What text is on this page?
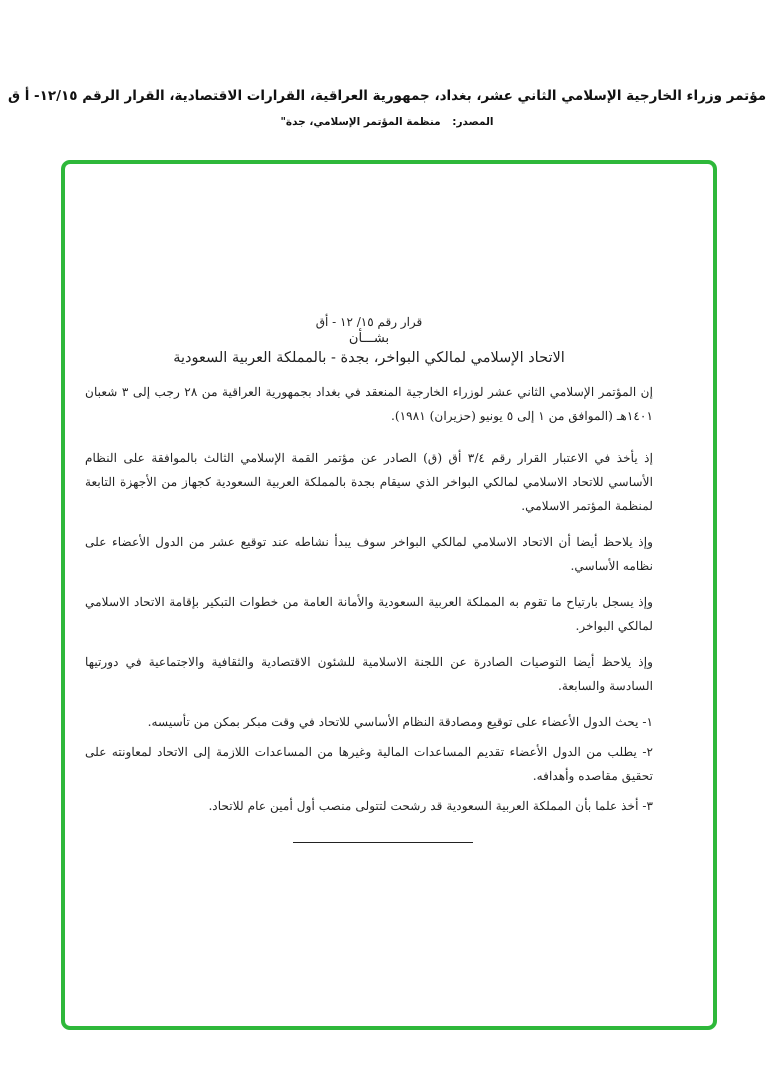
مؤتمر وزراء الخارجية الإسلامي الثاني عشر، بغداد، جمهورية العراقية، القرارات الاقتصادية، القرار الرقم ١٢/١٥- أ ق
المصدر: منظمة المؤتمر الإسلامي، جدة"
قرار رقم ١٥/ ١٢ - أق
بشـــأن
الاتحاد الإسلامي لمالكي البواخر، بجدة - بالمملكة العربية السعودية

إن المؤتمر الإسلامي الثاني عشر لوزراء الخارجية المنعقد في بغداد بجمهورية العراقية من ٢٨ رجب إلى ٣ شعبان ١٤٠١هـ (الموافق من ١ إلى ٥ يونيو (حزيران) ١٩٨١).

إذ يأخذ في الاعتبار القرار رقم ٣/٤ أق (ق) الصادر عن مؤتمر القمة الإسلامي الثالث بالموافقة على النظام الأساسي للاتحاد الاسلامي لمالكي البواخر الذي سيقام بجدة بالمملكة العربية السعودية كجهاز من الأجهزة التابعة لمنظمة المؤتمر الاسلامي.

وإذ يلاحظ أيضا أن الاتحاد الاسلامي لمالكي البواخر سوف يبدأ نشاطه عند توقيع عشر من الدول الأعضاء على نظامه الأساسي.

وإذ يسجل بارتياح ما تقوم به المملكة العربية السعودية والأمانة العامة من خطوات التبكير بإقامة الاتحاد الاسلامي لمالكي البواخر.

وإذ يلاحظ أيضا التوصيات الصادرة عن اللجنة الاسلامية للشئون الاقتصادية والثقافية والاجتماعية في دورتيها السادسة والسابعة.

١- يحث الدول الأعضاء على توقيع ومصادقة النظام الأساسي للاتحاد في وقت مبكر بمكن من تأسيسه.

٢- يطلب من الدول الأعضاء تقديم المساعدات المالية وغيرها من المساعدات اللازمة إلى الاتحاد لمعاونته على تحقيق مقاصده وأهدافه.

٣- أخذ علما بأن المملكة العربية السعودية قد رشحت لتتولى منصب أول أمين عام للاتحاد.
